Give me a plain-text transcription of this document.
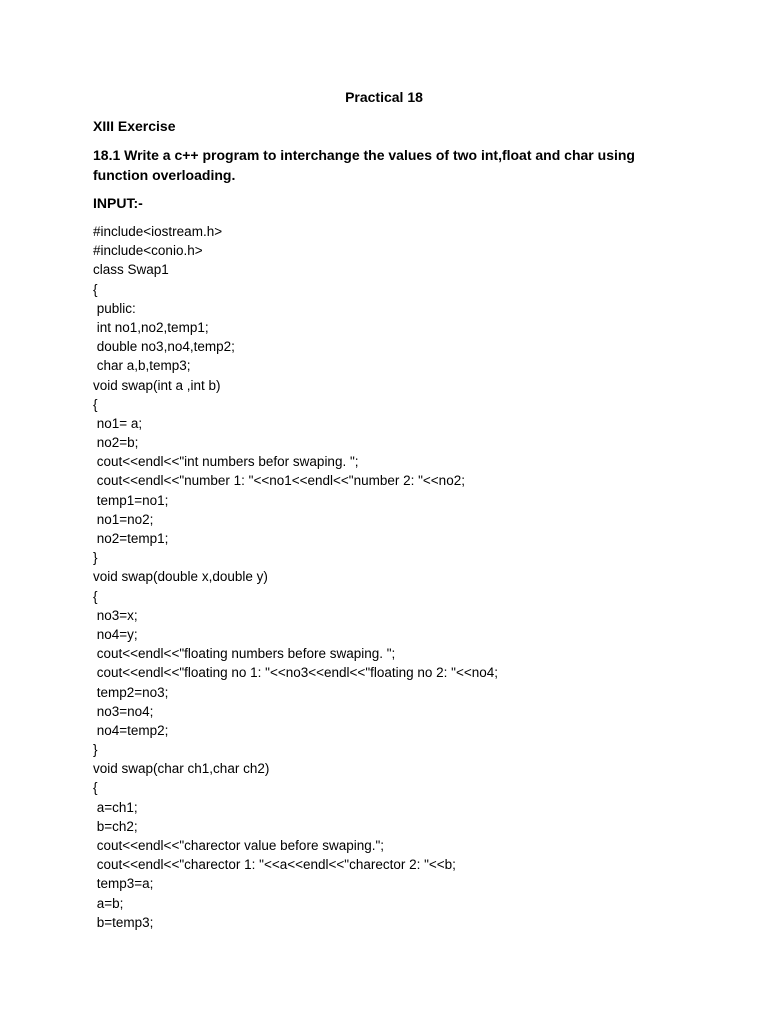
Practical 18
XIII Exercise
18.1 Write a c++ program to interchange the values of two int,float and char using function overloading.
INPUT:-
#include<iostream.h>
#include<conio.h>
class Swap1
{
public:
int no1,no2,temp1;
double no3,no4,temp2;
char a,b,temp3;
void swap(int a ,int b)
{
no1= a;
no2=b;
cout<<endl<<"int numbers befor swaping. ";
cout<<endl<<"number 1: "<<no1<<endl<<"number 2: "<<no2;
temp1=no1;
no1=no2;
no2=temp1;
}
void swap(double x,double y)
{
no3=x;
no4=y;
cout<<endl<<"floating numbers before swaping. ";
cout<<endl<<"floating no 1: "<<no3<<endl<<"floating no 2: "<<no4;
temp2=no3;
no3=no4;
no4=temp2;
}
void swap(char ch1,char ch2)
{
a=ch1;
b=ch2;
cout<<endl<<"charector value before swaping.";
cout<<endl<<"charector 1: "<<a<<endl<<"charector 2: "<<b;
temp3=a;
a=b;
b=temp3;
